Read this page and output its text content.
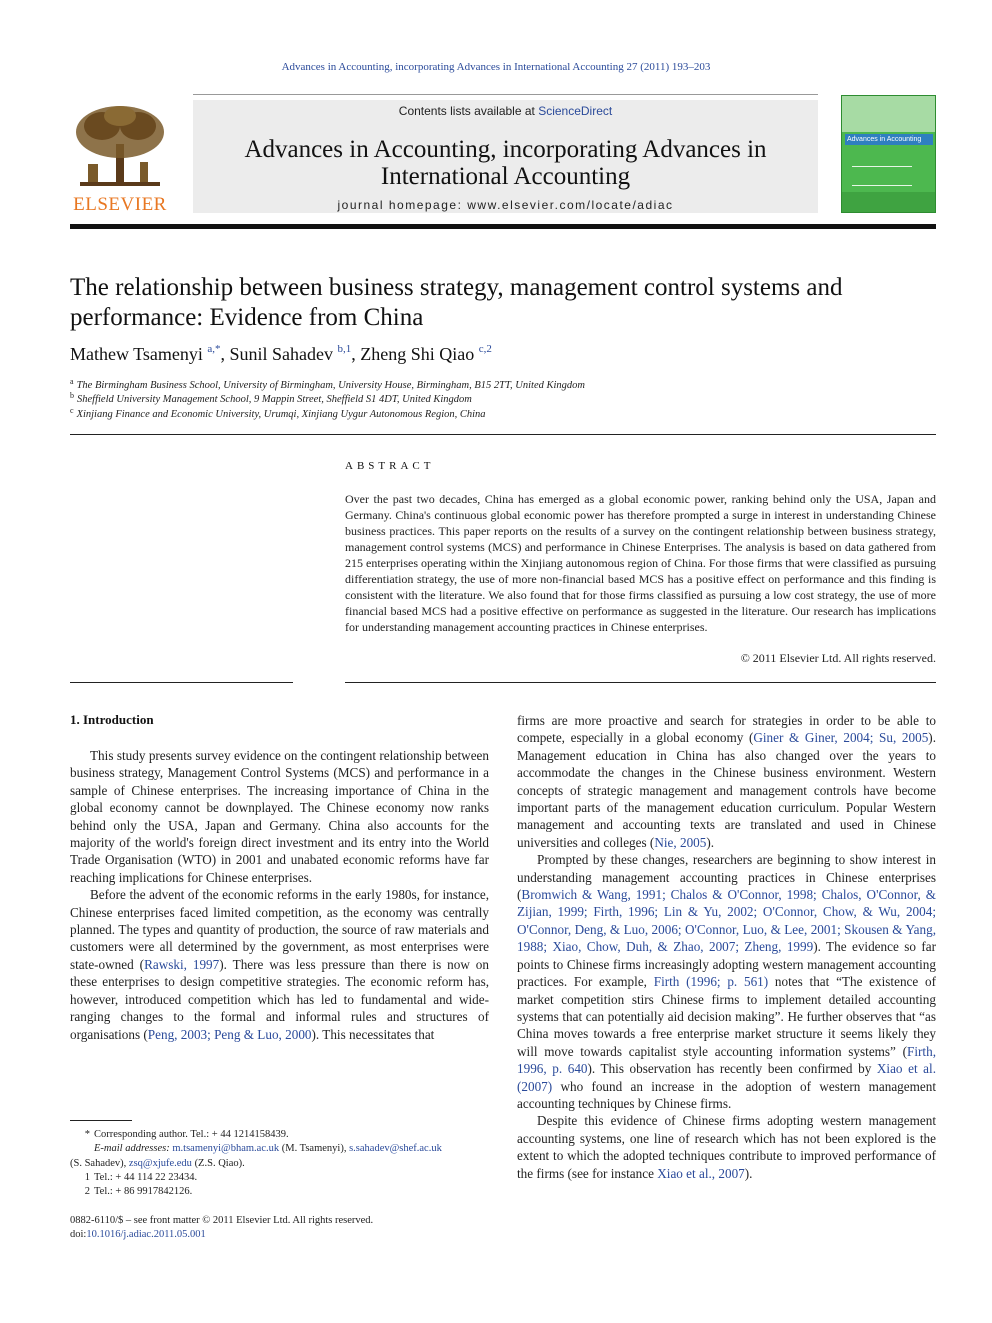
Advances in Accounting, incorporating Advances in International Accounting 27 (2011) 193–203
ELSEVIER
Contents lists available at ScienceDirect
Advances in Accounting, incorporating Advances in
International Accounting
journal homepage: www.elsevier.com/locate/adiac
Advances in Accounting
The relationship between business strategy, management control systems and
performance: Evidence from China
Mathew Tsamenyi $^{a,*}$, Sunil Sahadev $^{b,1}$, Zheng Shi Qiao $^{c,2}$
$^a$ The Birmingham Business School, University of Birmingham, University House, Birmingham, B15 2TT, United Kingdom
$^b$ Sheffield University Management School, 9 Mappin Street, Sheffield S1 4DT, United Kingdom
$^c$ Xinjiang Finance and Economic University, Urumqi, Xinjiang Uygur Autonomous Region, China
ABSTRACT
Over the past two decades, China has emerged as a global economic power, ranking behind only the USA, Japan and Germany. China's continuous global economic power has therefore prompted a surge in interest in understanding Chinese business practices. This paper reports on the results of a survey on the contingent relationship between business strategy, management control systems (MCS) and performance in Chinese Enterprises. The analysis is based on data gathered from 215 enterprises operating within the Xinjiang autonomous region of China. For those firms that were classified as pursuing differentiation strategy, the use of more non-financial based MCS has a positive effect on performance and this finding is consistent with the literature. We also found that for those firms classified as pursuing a low cost strategy, the use of more financial based MCS had a positive effective on performance as suggested in the literature. Our research has implications for understanding management accounting practices in Chinese enterprises.
© 2011 Elsevier Ltd. All rights reserved.
1. Introduction

This study presents survey evidence on the contingent relationship between business strategy, Management Control Systems (MCS) and performance in a sample of Chinese enterprises. The increasing importance of China in the global economy cannot be downplayed. The Chinese economy now ranks behind only the USA, Japan and Germany. China also accounts for the majority of the world's foreign direct investment and its entry into the World Trade Organisation (WTO) in 2001 and unabated economic reforms have far reaching implications for Chinese enterprises.

Before the advent of the economic reforms in the early 1980s, for instance, Chinese enterprises faced limited competition, as the economy was centrally planned. The types and quantity of production, the source of raw materials and customers were all determined by the government, as most enterprises were state-owned (Rawski, 1997). There was less pressure than there is now on these enterprises to design competitive strategies. The economic reform has, however, introduced competition which has led to fundamental and wide-ranging changes to the formal and informal rules and structures of organisations (Peng, 2003; Peng & Luo, 2000). This necessitates that

firms are more proactive and search for strategies in order to be able to compete, especially in a global economy (Giner & Giner, 2004; Su, 2005). Management education in China has also changed over the years to accommodate the changes in the Chinese business environment. Western concepts of strategic management and management controls have become important parts of the management education curriculum. Popular Western management and accounting texts are translated and used in Chinese universities and colleges (Nie, 2005).

Prompted by these changes, researchers are beginning to show interest in understanding management accounting practices in Chinese enterprises (Bromwich & Wang, 1991; Chalos & O'Connor, 1998; Chalos, O'Connor, & Zijian, 1999; Firth, 1996; Lin & Yu, 2002; O'Connor, Chow, & Wu, 2004; O'Connor, Deng, & Luo, 2006; O'Connor, Luo, & Lee, 2001; Skousen & Yang, 1988; Xiao, Chow, Duh, & Zhao, 2007; Zheng, 1999). The evidence so far points to Chinese firms increasingly adopting western management accounting practices. For example, Firth (1996; p. 561) notes that “The existence of market competition stirs Chinese firms to implement detailed accounting systems that can potentially aid decision making”. He further observes that “as China moves towards a free enterprise market structure it seems likely they will move towards capitalist style accounting information systems” (Firth, 1996, p. 640). This observation has recently been confirmed by Xiao et al. (2007) who found an increase in the adoption of western management accounting techniques by Chinese firms.

Despite this evidence of Chinese firms adopting western management accounting systems, one line of research which has not been explored is the extent to which the adopted techniques contribute to improved performance of the firms (see for instance Xiao et al., 2007).

* Corresponding author. Tel.: + 44 1214158439.
E-mail addresses: m.tsamenyi@bham.ac.uk (M. Tsamenyi), s.sahadev@shef.ac.uk
(S. Sahadev), zsq@xjufe.edu (Z.S. Qiao).
1 Tel.: + 44 114 22 23434.
2 Tel.: + 86 9917842126.
0882-6110/$ – see front matter © 2011 Elsevier Ltd. All rights reserved.
doi:10.1016/j.adiac.2011.05.001
